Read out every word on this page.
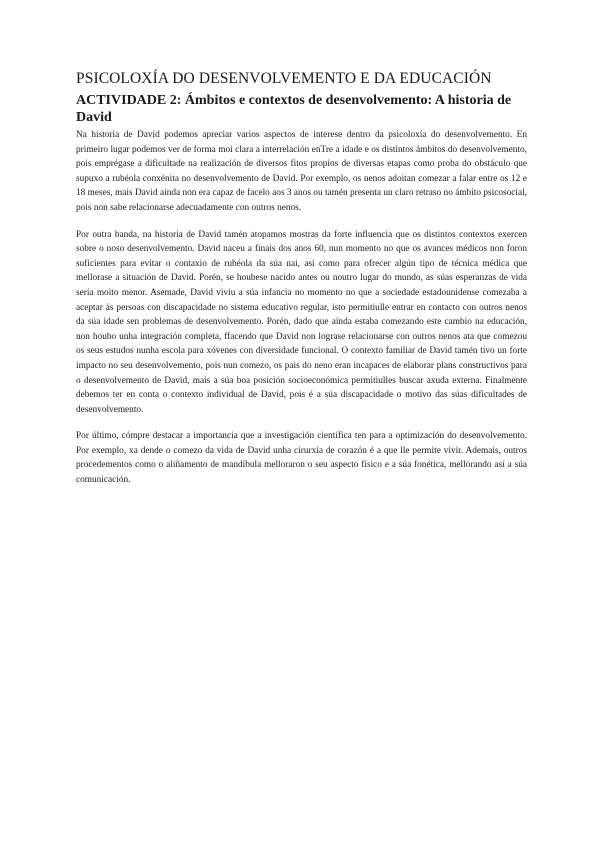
PSICOLOXÍA DO DESENVOLVEMENTO E DA EDUCACIÓN
ACTIVIDADE 2: Ámbitos e contextos de desenvolvemento: A historia de David

Na historia de David podemos apreciar varios aspectos de interese dentro da psicoloxía do desenvolvemento. En primeiro lugar podemos ver de forma moi clara a interrelación enTre a idade e os distintos ámbitos do desenvolvemento, pois emprégase a dificultade na realización de diversos fitos propios de diversas etapas como proba do obstáculo que supuxo a rubéola conxénita no desenvolvemento de David. Por exemplo, os nenos adoitan comezar a falar entre os 12 e 18 meses, mais David aínda non era capaz de facelo aos 3 anos ou tamén presenta un claro retraso no ámbito psicosocial, pois non sabe relacionarse adecuadamente con outros nenos.

Por outra banda, na historia de David tamén atopamos mostras da forte influencia que os distintos contextos exercen sobre o noso desenvolvemento. David naceu a finais dos anos 60, nun momento no que os avances médicos non foron suficientes para evitar o contaxio de rubéola da súa nai, así como para ofrecer algún tipo de técnica médica que mellorase a situación de David. Porén, se houbese nacido antes ou noutro lugar do mundo, as súas esperanzas de vida sería moito menor. Asemade, David viviu a súa infancia no momento no que a sociedade estadounidense comezaba a aceptar ás persoas con discapacidade no sistema educativo regular, isto permitiulle entrar en contacto con outros nenos da súa idade sen problemas de desenvolvemento. Porén, dado que aínda estaba comezando este cambio na educación, non houbo unha integración completa, ffacendo que David non lograse relacionarse con outros nenos ata que comezou os seus estudos nunha escola para xóvenes con diversidade funcional. O contexto familiar de David tamén tivo un forte impacto no seu desenvolvemento, pois nun comezo, os pais do neno eran incapaces de elaborar plans constructivos para o desenvolvemento de David, mais a súa boa posición socioeconómica permitiulles buscar axuda externa. Finalmente debemos ter en conta o contexto individual de David, pois é a súa discapacidade o motivo das súas dificultades de desenvolvemento.

Por último, cómpre destacar a importancia que a investigación científica ten para a optimización do desenvolvemento. Por exemplo, xa dende o comezo da vida de David unha cirurxía de corazón é a que lle permite vivir. Ademais, outros procedementos como o aliñamento de mandíbula melloraron o seu aspecto físico e a súa fonética, mellorando así a súa comunicación.
